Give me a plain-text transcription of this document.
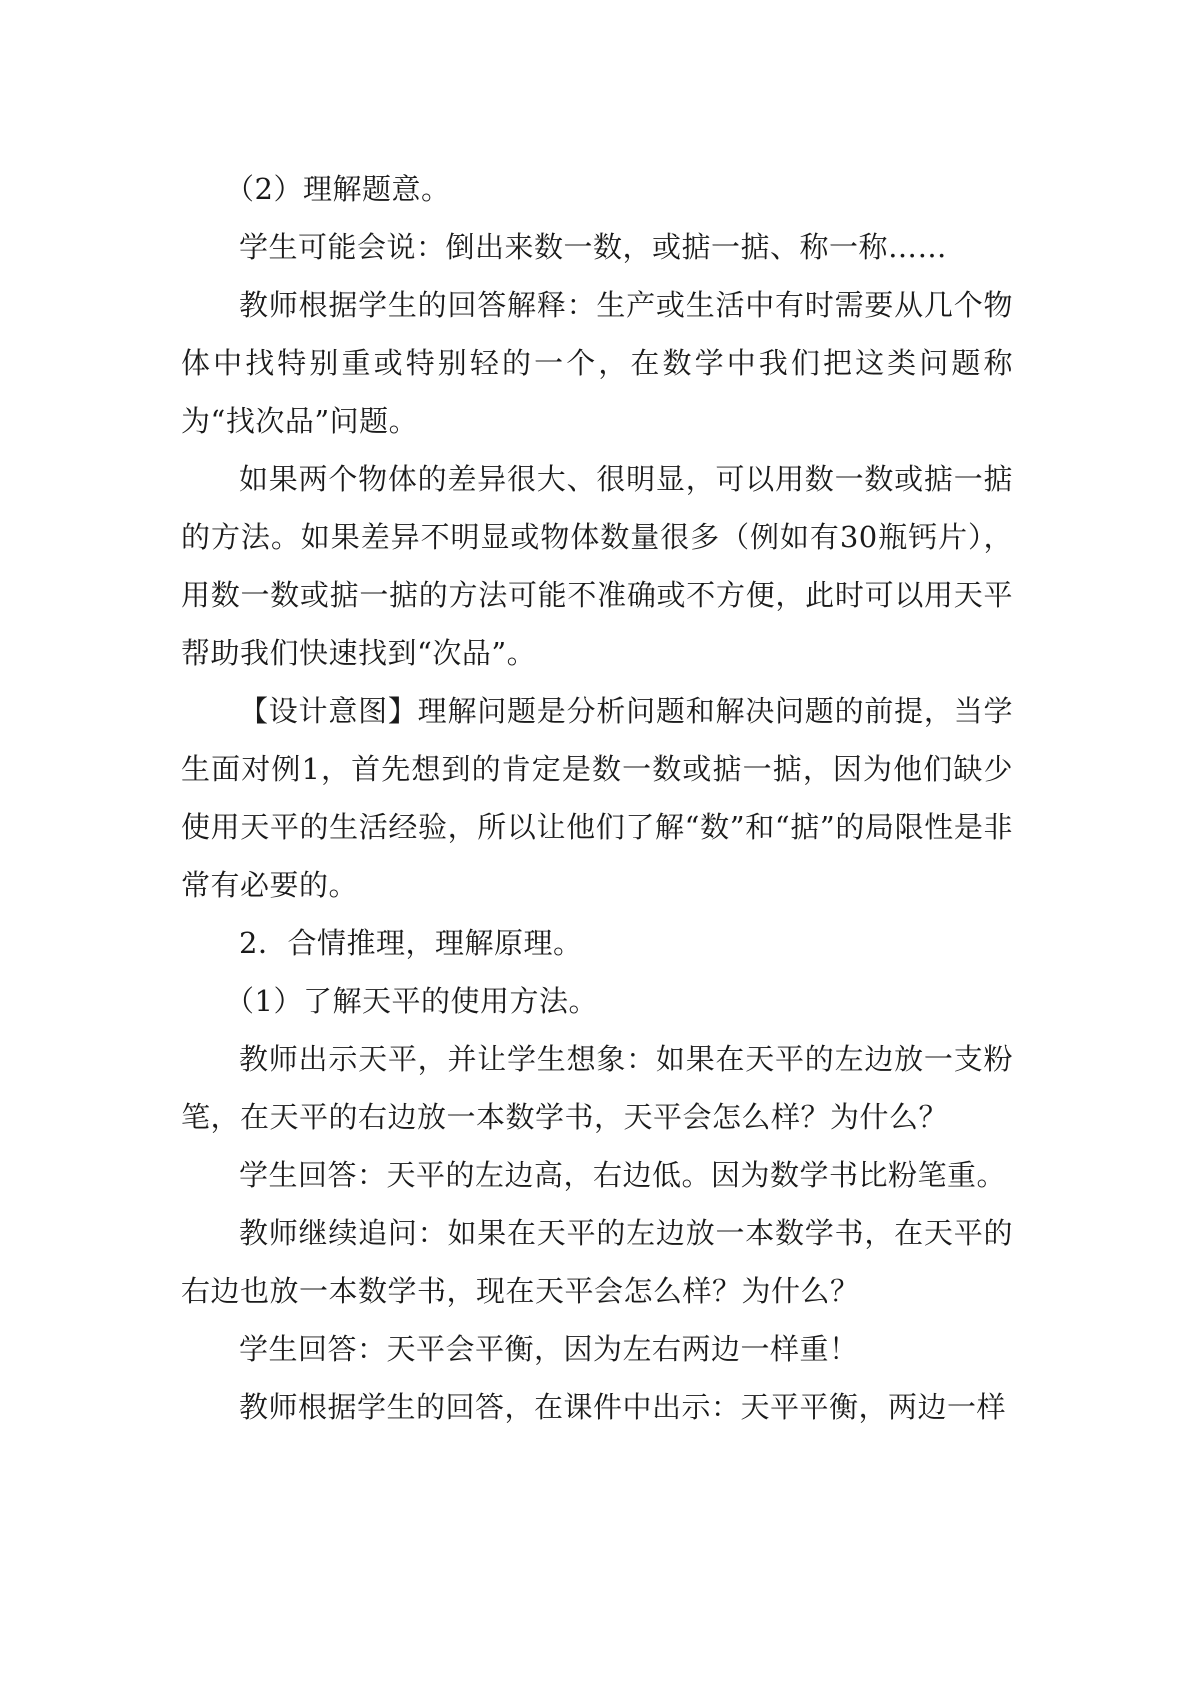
（2）理解题意。

学生可能会说：倒出来数一数，或掂一掂、称一称……

教师根据学生的回答解释：生产或生活中有时需要从几个物体中找特别重或特别轻的一个，在数学中我们把这类问题称为“找次品”问题。

如果两个物体的差异很大、很明显，可以用数一数或掂一掂的方法。如果差异不明显或物体数量很多（例如有30瓶钙片），用数一数或掂一掂的方法可能不准确或不方便，此时可以用天平帮助我们快速找到“次品”。

【设计意图】理解问题是分析问题和解决问题的前提，当学生面对例1，首先想到的肯定是数一数或掂一掂，因为他们缺少使用天平的生活经验，所以让他们了解“数”和“掂”的局限性是非常有必要的。

2．合情推理，理解原理。

（1）了解天平的使用方法。

教师出示天平，并让学生想象：如果在天平的左边放一支粉笔，在天平的右边放一本数学书，天平会怎么样？为什么？

学生回答：天平的左边高，右边低。因为数学书比粉笔重。

教师继续追问：如果在天平的左边放一本数学书，在天平的右边也放一本数学书，现在天平会怎么样？为什么？

学生回答：天平会平衡，因为左右两边一样重！

教师根据学生的回答，在课件中出示：天平平衡，两边一样
